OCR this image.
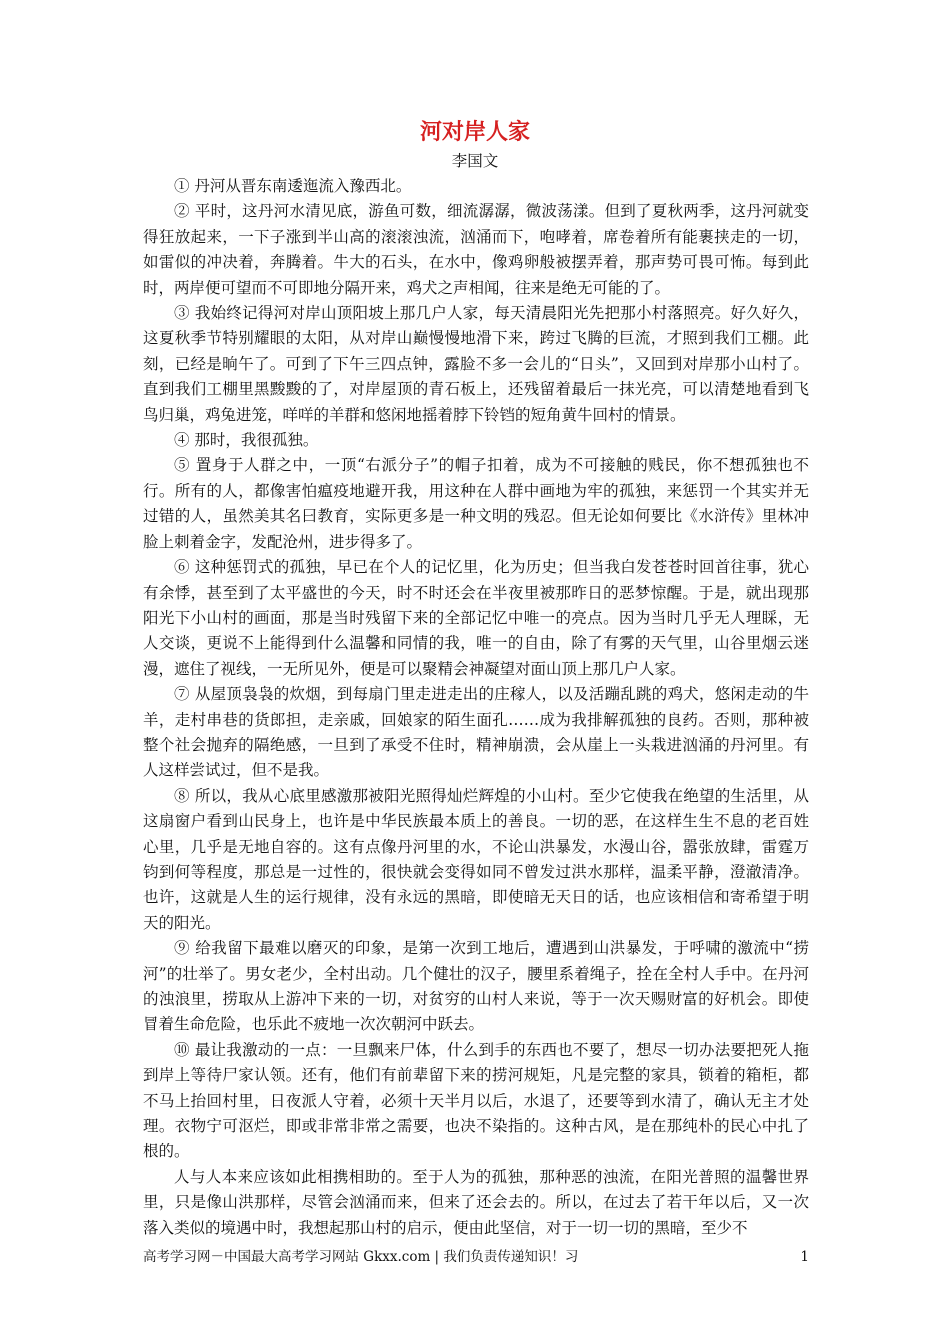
河对岸人家
李国文

① 丹河从晋东南逶迤流入豫西北。

② 平时，这丹河水清见底，游鱼可数，细流潺潺，微波荡漾。但到了夏秋两季，这丹河就变得狂放起来，一下子涨到半山高的滚滚浊流，汹涌而下，咆哮着，席卷着所有能裹挟走的一切，如雷似的冲决着，奔腾着。牛大的石头，在水中，像鸡卵般被摆弄着，那声势可畏可怖。每到此时，两岸便可望而不可即地分隔开来，鸡犬之声相闻，往来是绝无可能的了。

③ 我始终记得河对岸山顶阳坡上那几户人家，每天清晨阳光先把那小村落照亮。好久好久，这夏秋季节特别耀眼的太阳，从对岸山巅慢慢地滑下来，跨过飞腾的巨流，才照到我们工棚。此刻，已经是晌午了。可到了下午三四点钟，露脸不多一会儿的“日头”，又回到对岸那小山村了。直到我们工棚里黑黢黢的了，对岸屋顶的青石板上，还残留着最后一抹光亮，可以清楚地看到飞鸟归巢，鸡兔进笼，咩咩的羊群和悠闲地摇着脖下铃铛的短角黄牛回村的情景。

④ 那时，我很孤独。

⑤ 置身于人群之中，一顶“右派分子”的帽子扣着，成为不可接触的贱民，你不想孤独也不行。所有的人，都像害怕瘟疫地避开我，用这种在人群中画地为牢的孤独，来惩罚一个其实并无过错的人，虽然美其名曰教育，实际更多是一种文明的残忍。但无论如何要比《水浒传》里林冲脸上刺着金字，发配沧州，进步得多了。

⑥ 这种惩罚式的孤独，早已在个人的记忆里，化为历史；但当我白发苍苍时回首往事，犹心有余悸，甚至到了太平盛世的今天，时不时还会在半夜里被那昨日的恶梦惊醒。于是，就出现那阳光下小山村的画面，那是当时残留下来的全部记忆中唯一的亮点。因为当时几乎无人理睬，无人交谈，更说不上能得到什么温馨和同情的我，唯一的自由，除了有雾的天气里，山谷里烟云迷漫，遮住了视线，一无所见外，便是可以聚精会神凝望对面山顶上那几户人家。

⑦ 从屋顶袅袅的炊烟，到每扇门里走进走出的庄稼人，以及活蹦乱跳的鸡犬，悠闲走动的牛羊，走村串巷的货郎担，走亲戚，回娘家的陌生面孔……成为我排解孤独的良药。否则，那种被整个社会抛弃的隔绝感，一旦到了承受不住时，精神崩溃，会从崖上一头栽进汹涌的丹河里。有人这样尝试过，但不是我。

⑧ 所以，我从心底里感激那被阳光照得灿烂辉煌的小山村。至少它使我在绝望的生活里，从这扇窗户看到山民身上，也许是中华民族最本质上的善良。一切的恶，在这样生生不息的老百姓心里，几乎是无地自容的。这有点像丹河里的水，不论山洪暴发，水漫山谷，嚣张放肆，雷霆万钧到何等程度，那总是一过性的，很快就会变得如同不曾发过洪水那样，温柔平静，澄澈清净。也许，这就是人生的运行规律，没有永远的黑暗，即使暗无天日的话，也应该相信和寄希望于明天的阳光。

⑨ 给我留下最难以磨灭的印象，是第一次到工地后，遭遇到山洪暴发，于呼啸的激流中“捞河”的壮举了。男女老少，全村出动。几个健壮的汉子，腰里系着绳子，拴在全村人手中。在丹河的浊浪里，捞取从上游冲下来的一切，对贫穷的山村人来说，等于一次天赐财富的好机会。即使冒着生命危险，也乐此不疲地一次次朝河中跃去。

⑩ 最让我激动的一点：一旦飘来尸体，什么到手的东西也不要了，想尽一切办法要把死人拖到岸上等待尸家认领。还有，他们有前辈留下来的捞河规矩，凡是完整的家具，锁着的箱柜，都不马上抬回村里，日夜派人守着，必须十天半月以后，水退了，还要等到水清了，确认无主才处理。衣物宁可沤烂，即或非常非常之需要，也决不染指的。这种古风，是在那纯朴的民心中扎了根的。

人与人本来应该如此相携相助的。至于人为的孤独，那种恶的浊流，在阳光普照的温馨世界里，只是像山洪那样，尽管会汹涌而来，但来了还会去的。所以，在过去了若干年以后，又一次落入类似的境遇中时，我想起那山村的启示，便由此坚信，对于一切一切的黑暗，至少不

高考学习网－中国最大高考学习网站 Gkxx.com | 我们负责传递知识！习	1
